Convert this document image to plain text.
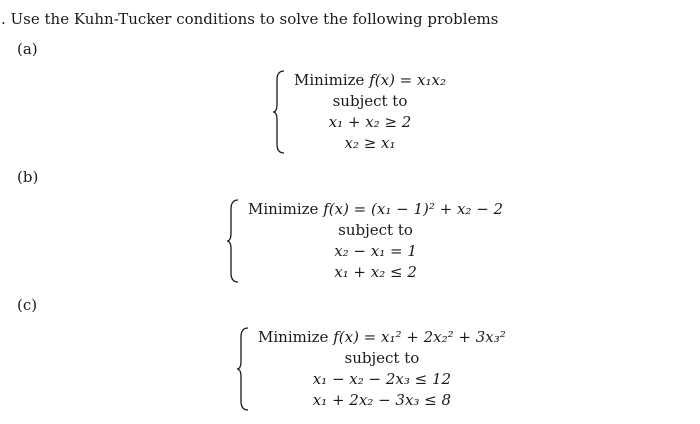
. Use the Kuhn-Tucker conditions to solve the following problems
(a)
Minimize f(x) = x₁x₂
subject to
x₁ + x₂ ≥ 2
x₂ ≥ x₁
(b)
Minimize f(x) = (x₁ − 1)² + x₂ − 2
subject to
x₂ − x₁ = 1
x₁ + x₂ ≤ 2
(c)
Minimize f(x) = x₁² + 2x₂² + 3x₃²
subject to
x₁ − x₂ − 2x₃ ≤ 12
x₁ + 2x₂ − 3x₃ ≤ 8
